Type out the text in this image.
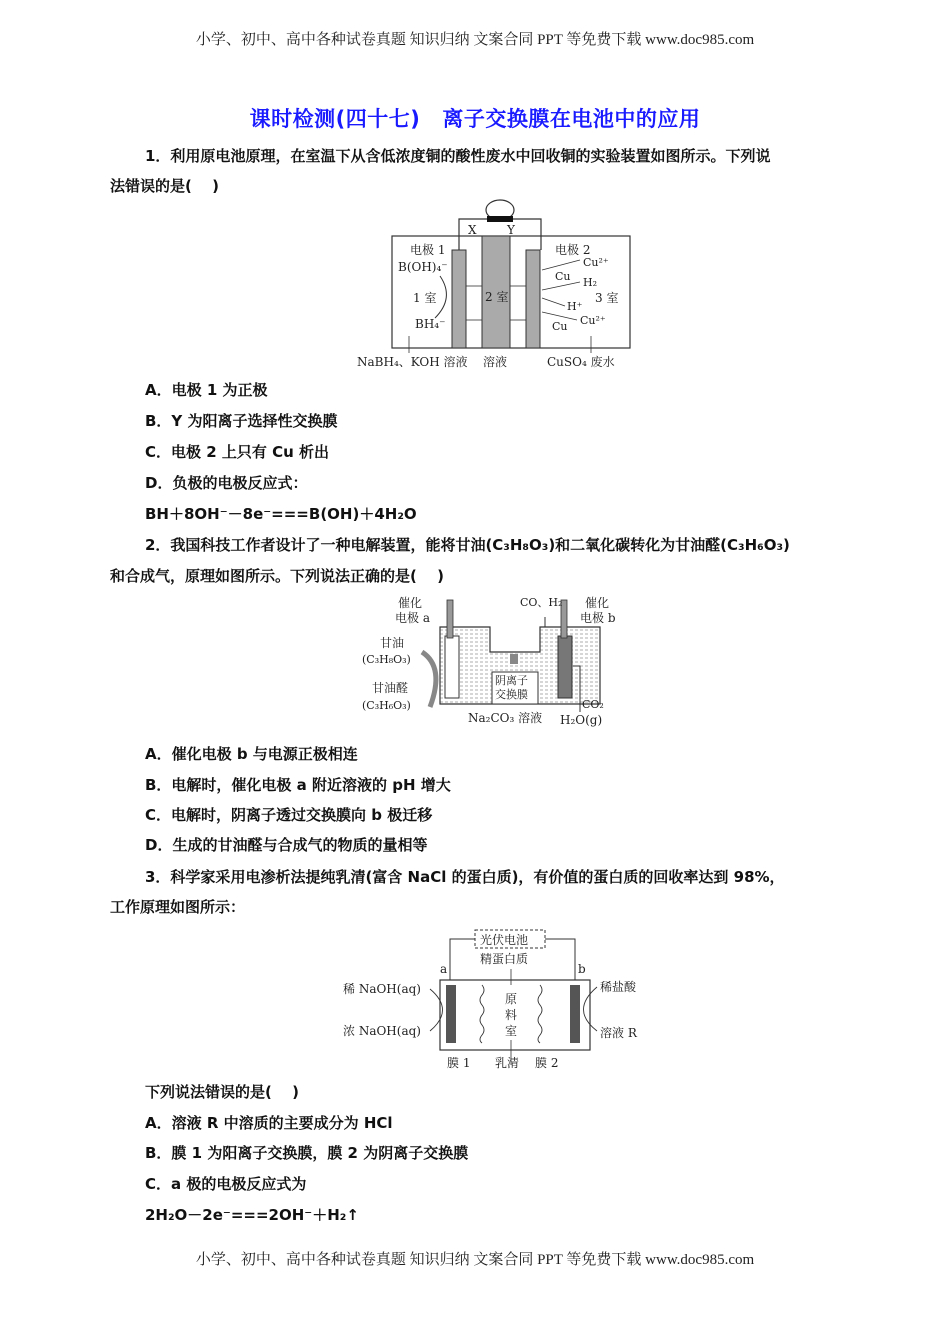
小学、初中、高中各种试卷真题 知识归纳 文案合同 PPT 等免费下载 www.doc985.com
课时检测(四十七) 离子交换膜在电池中的应用
1．利用原电池原理，在室温下从含低浓度铜的酸性废水中回收铜的实验装置如图所示。下列说
法错误的是(　 )
X	Y
电极 1
B(OH)₄⁻
1 室
BH₄⁻
2 室
电极 2
Cu²⁺
Cu H₂
3 室
H⁺
Cu²⁺
Cu
NaBH₄、KOH 溶液 溶液	CuSO₄ 废水
A．电极 1 为正极
B．Y 为阳离子选择性交换膜
C．电极 2 上只有 Cu 析出
D．负极的电极反应式：
BH＋8OH⁻－8e⁻===B(OH)＋4H₂O
2．我国科技工作者设计了一种电解装置，能将甘油(C₃H₈O₃)和二氧化碳转化为甘油醛(C₃H₆O₃)
和合成气，原理如图所示。下列说法正确的是(　 )
催化
电极 a
CO、H₂ 催化
电极 b
甘油
(C₃H₈O₃)
甘油醛
(C₃H₆O₃)
阴离子
交换膜
Na₂CO₃ 溶液
CO₂
H₂O(g)
A．催化电极 b 与电源正极相连
B．电解时，催化电极 a 附近溶液的 pH 增大
C．电解时，阴离子透过交换膜向 b 极迁移
D．生成的甘油醛与合成气的物质的量相等
3．科学家采用电渗析法提纯乳清(富含 NaCl 的蛋白质)，有价值的蛋白质的回收率达到 98%，
工作原理如图所示：
光伏电池
精蛋白质
a	b
稀 NaOH(aq)
浓 NaOH(aq)
稀盐酸
溶液 R
原
料
室
膜 1 乳清 膜 2
下列说法错误的是(　 )
A．溶液 R 中溶质的主要成分为 HCl
B．膜 1 为阳离子交换膜，膜 2 为阴离子交换膜
C．a 极的电极反应式为
2H₂O－2e⁻===2OH⁻＋H₂↑
小学、初中、高中各种试卷真题 知识归纳 文案合同 PPT 等免费下载 www.doc985.com
